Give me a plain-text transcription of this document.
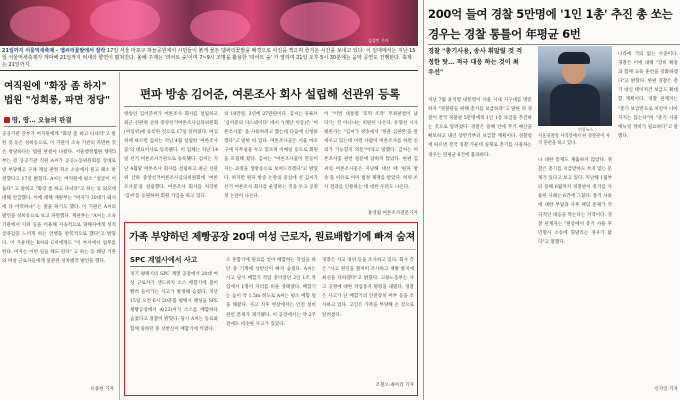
김성민 기자
21일까지 서울억새축제 – 맵씨리꽃밭에서 잘칵 17일 서울 마포구 하늘공원에서 시민들이 붉게 물든 댑싸리꽃밭을 배경으로 사진을 찍으며 즐거운 시간을 보내고 있다. 이 일대에서는 지난 15일 서울억새축제가 개막해 21일까지 억새의 향연이 펼쳐진다. 올해 주제는 '리어트 숲'이며 7~9시 조명을 활용한 '리어트 숲' 가 열리며 21일 오후 5시 30분에는 음악 공연도 진행된다. 축제는 21일까지.
여직원에 "화장 좀 하지" 법원 "성희롱, 파면 정당"
땅, 땅… 오늘의 판결
공공기관 간부가 여직원에게 "화장 좀 하고 다녀라"고 말한 것 등은 성희롱으로, 이 기관이 소속 기관의 파면한 것은 정당하다는 법원 판결이 나왔다. 서울행정법원 행정5부는 전 공공기관 직원 A씨가 공공노동위원회를 상대로 낸 부당해고 구제 재심 판정 취소 소송에서 원고 패소 판결했다고 17일 밝혔다. A씨는 여직원에 평소 "얼굴이 어둡다" 고 말하고 "화장 좀 하고 다녀라"고 하는 등 외모에 대해 언급했다. 이에 대해 재판부는 "여자가 30대가 돼서 애 다 어떡하냐" 는 말을 하기도 했다. 이 기관은 A씨의 발언을 성희롱으로 보고 파면했다. 재판부는 "A씨는 소속 기관에서 지위 등을 이용해 지속적으로 피해자에게 성적 굴욕감을 느끼게 하는 언행을 반복적으로 했다"고 밝혔다. 이 가운데는 B씨와 C씨에게도 "이 부서에서 업무를 한다. 여자는 어떤 일을 해도 된다" 고 하는 등 해당 기관의 여성 근로자들에게 일관된 성차별적 발언을 했다.
유종헌 기자
편파 방송 김어준, 여론조사 회사 설립해 선관위 등록
방송인 김어준씨가 여론조사 회사를 설립하고 최근 선관위 산하 중앙선거여론조사심의위원회(여심위)에 등록한 것으로 17일 알려졌다. 여심위에 따르면 김씨는 지난 4월 설립한 '여론조사꽃'의 대표이사로 등록됐다. 이 업체는 지난 14일 선거 여론조사기관으로 등록됐다. 김씨는 지난 4월말 여론조사 회사를 설립하고 최근 선관위 산하 중앙선거여론조사심의위원회에 '여론조사꽃'을 설립했다. 여론조사 회사를 처리한 '김씨'를 응원하며 회원 가입을 하고 있다.
의 10만원, 3년에 27만원이다. 김씨는 유튜브 '김어준의 다스뵈이다' 에서 "(재단 이름)은 '여론조사꽃' 을 사용하려고 했는데 다음에 신청하겠다"고 말한 바 있다. 여론조사꽃은 서울 마포구에 사무실을 두고 있으며 이메일 등으로 회원을 모집해 왔다. 김씨는 "여론조사꽃이 만들어지는 과정을 생방송으로 보여드리겠다"고 밝혔다. 하지만 편파 방송 논란의 중심에 선 김씨가 선거 여론조사 회사를 운영하는 것을 두고 공정성 논란이 나온다.
어 "이번 대통령 '호떡 조작' 무죄판결이 났다"는 건 아니냐는 비판이 나온다. 유형선 시사평론가는 "김씨가 방송에서 '정권 심판론'을 앞세우고 있는데 이런 사람이 여론조사를 하면 신뢰가 가능할지 의문"이라고 말했다. 김씨는 여론조사꽃 관련 질문에 답하지 않았다. 한편 김씨의 여론조사꽃은 지난해 대선 때 '편파 방송'을 이유로 이미 법정 제재를 받았다. 허위 조사 결과를 인용하는 데 대한 우려도 나온다.
홍영림 여론조사전문기자
가족 부양하던 제빵공장 20대 여성 근로자, 원료배합기에 빠져 숨져
SPC 계열사에서 사고
경기 평택시의 SPC 계열 공장에서 20대 여성 근로자가 샌드위치 소스 배합기에 몸이 빨려 들어가는 사고가 발생해 숨졌다. 지난 15일 오전 6시 20분쯤 평택시 팽성읍 SPL 제빵공장에서 A(23)씨가 소스를 배합하다 숨졌다고 경찰이 밝혔다. 당시 A씨는 동료와 함께 일하던 중 상반신이 배합기에 끼였다.
소 혼합기에 원료를 넣어 배합하는 작업을 하던 중 기계에 상반신이 빠져 숨졌다. A씨는 사고 당시 배합기 작업 중이었던 2인 1조 작업에서 1명이 자리를 비운 상태였다. 배합기는 높이 약 1.5m 정도로 A씨는 평소 배합 일을 해왔다. 사고 직후 현장에서는 안전 설비 관련 문제가 제기됐다. 이 공장에서는 약 2주 전에도 비슷한 사고가 있었다.
경찰은 사고 경위 등을 조사하고 있다. 회사 측은 "사고 원인을 철저히 조사하고 재발 방지에 최선을 다하겠다"고 밝혔다. 고용노동부는 사고 공정에 대한 작업중지 명령을 내렸다. 경찰은 사고가 난 배합기의 안전장치 여부 등을 조사하고 있다. 고인은 가족을 부양해 온 것으로 알려졌다.
조철오·최아리 기자
200억 들여 경찰 5만명에 '1인 1총' 추진 총 쏘는 경우는 경찰 통틀어 年평균 6번
경찰 "총기사용, 송사 휘말릴 것 걱정한 탓… 적극 대응 하는 것이 최우선"
연합뉴스
서울경찰청 사격장에서 한 경찰관이 사격 훈련을 하고 있다.
지난 7월 윤석열 대통령이 서울 시내 지구대를 방문하자 "경찰관들 위해 총기를 보급하라"고 말한 뒤 경찰이 전국 경찰관 5만명에게 1인 1총 보급을 추진하는 것으로 알려졌다. 경찰은 올해 안에 무기 예산을 확보하고 내년 상반기부터 보급할 계획이다. 경찰청에 따르면 전국 경찰 가운데 실제로 총기를 사용하는 경우는 연평균 6건에 불과하다.
나 대한 통계도 제출하지 않았다. 경찰은 총기를 지급받아도 쏘지 않는 문제가 있다고 보고 있다. 지난해 1월부터 올해 6월까지 경찰관이 총기를 사용한 사례는 6건에 그쳤다. 총기 사용에 대한 부담과 사후 책임 문제가 적극적인 대응을 막는다는 지적이다. 경찰 관계자는 "현장에서 총기 사용 후 민형사 소송에 휘말리는 경우가 많다"고 말했다.
나라에 거의 없는 수준이다. 경찰은 이에 대해 "장비 확충과 함께 교육 훈련을 강화하겠다"고 밝혔다. 한편 경찰은 총기 대신 테이저건 보급도 확대할 계획이다. 경찰 관계자는 "총기 보급만으로 치안이 나아지지는 않는다"며 "총기 사용 매뉴얼 정비가 필요하다"고 말했다.
신지인 기자
